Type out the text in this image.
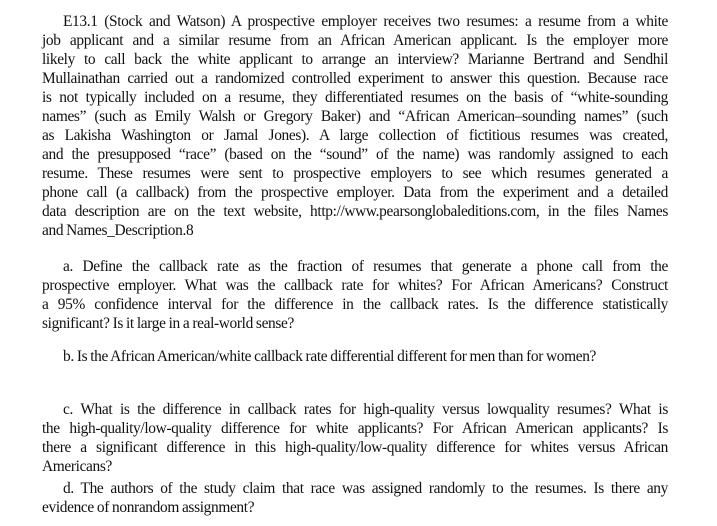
E13.1 (Stock and Watson) A prospective employer receives two resumes: a resume from a white
job applicant and a similar resume from an African American applicant. Is the employer more
likely to call back the white applicant to arrange an interview? Marianne Bertrand and Sendhil
Mullainathan carried out a randomized controlled experiment to answer this question. Because race
is not typically included on a resume, they differentiated resumes on the basis of “white-sounding
names” (such as Emily Walsh or Gregory Baker) and “African American–sounding names” (such
as Lakisha Washington or Jamal Jones). A large collection of fictitious resumes was created,
and the presupposed “race” (based on the “sound” of the name) was randomly assigned to each
resume. These resumes were sent to prospective employers to see which resumes generated a
phone call (a callback) from the prospective employer. Data from the experiment and a detailed
data description are on the text website, http://www.pearsonglobaleditions.com, in the files Names
and Names_Description.8
a. Define the callback rate as the fraction of resumes that generate a phone call from the
prospective employer. What was the callback rate for whites? For African Americans? Construct
a 95% confidence interval for the difference in the callback rates. Is the difference statistically
significant? Is it large in a real-world sense?
b. Is the African American/white callback rate differential different for men than for women?
c. What is the difference in callback rates for high-quality versus lowquality resumes? What is
the high-quality/low-quality difference for white applicants? For African American applicants? Is
there a significant difference in this high-quality/low-quality difference for whites versus African
Americans?
d. The authors of the study claim that race was assigned randomly to the resumes. Is there any
evidence of nonrandom assignment?
